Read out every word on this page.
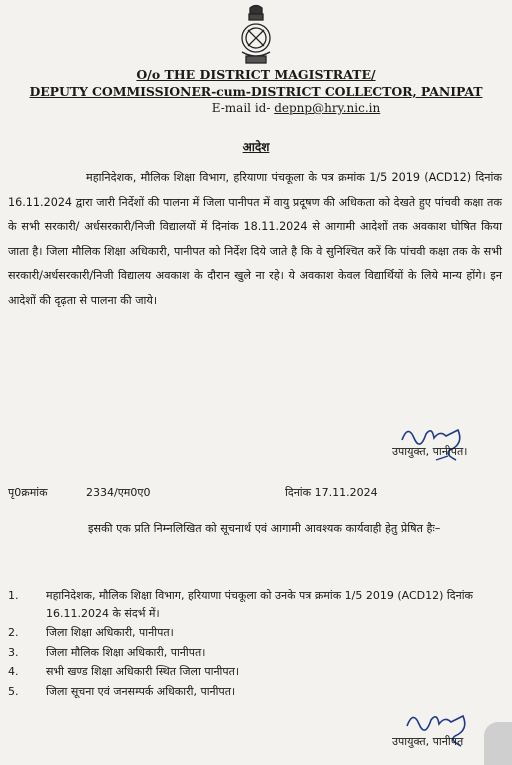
O/o THE DISTRICT MAGISTRATE/
DEPUTY COMMISSIONER-cum-DISTRICT COLLECTOR, PANIPAT
E-mail id- depnp@hry.nic.in
आदेश

महानिदेशक, मौलिक शिक्षा विभाग, हरियाणा पंचकूला के पत्र क्रमांक 1/5 2019 (ACD12) दिनांक 16.11.2024 द्वारा जारी निर्देशों की पालना में जिला पानीपत में वायु प्रदूषण की अधिकता को देखते हुए पांचवी कक्षा तक के सभी सरकारी/ अर्धसरकारी/निजी विद्यालयों में दिनांक 18.11.2024 से आगामी आदेशों तक अवकाश घोषित किया जाता है। जिला मौलिक शिक्षा अधिकारी, पानीपत को निर्देश दिये जाते है कि वे सुनिश्चित करें कि पांचवी कक्षा तक के सभी सरकारी/अर्धसरकारी/निजी विद्यालय अवकाश के दौरान खुले ना रहे। ये अवकाश केवल विद्यार्थियों के लिये मान्य होंगे। इन आदेशों की दृढ़ता से पालना की जाये।

उपायुक्त, पानीपत।
पृ0क्रमांक	2334/एम0ए0	दिनांक 17.11.2024

इसकी एक प्रति निम्नलिखित को सूचनार्थ एवं आगामी आवश्यक कार्यवाही हेतु प्रेषित हैः–

1.	महानिदेशक, मौलिक शिक्षा विभाग, हरियाणा पंचकूला को उनके पत्र क्रमांक 1/5 2019 (ACD12) दिनांक 16.11.2024 के संदर्भ में।
2.	जिला शिक्षा अधिकारी, पानीपत।
3.	जिला मौलिक शिक्षा अधिकारी, पानीपत।
4.	सभी खण्ड शिक्षा अधिकारी स्थित जिला पानीपत।
5.	जिला सूचना एवं जनसम्पर्क अधिकारी, पानीपत।
उपायुक्त, पानीपत
